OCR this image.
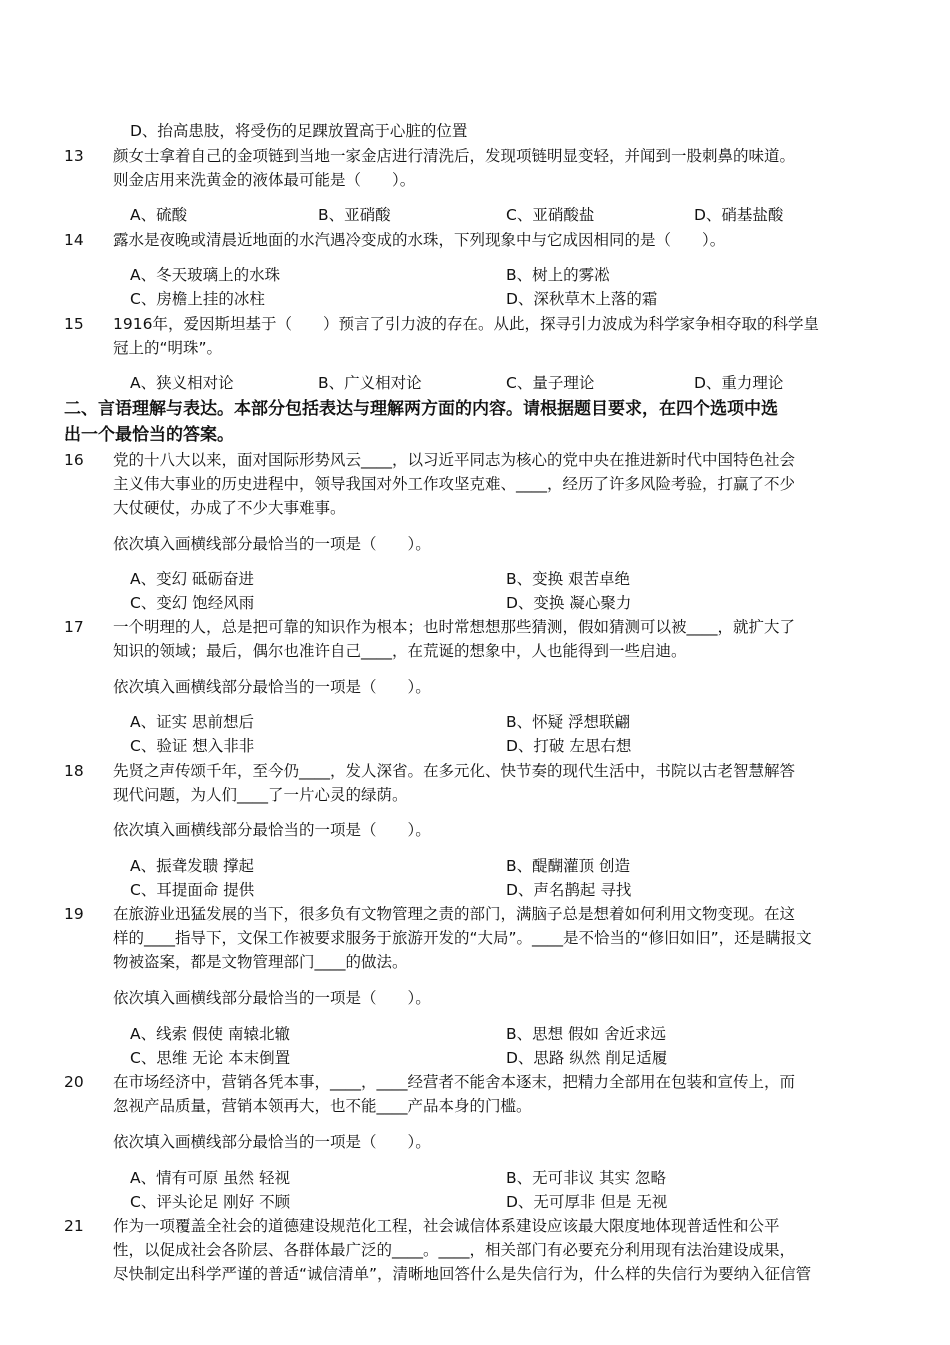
D、抬高患肢，将受伤的足踝放置高于心脏的位置
13	颜女士拿着自己的金项链到当地一家金店进行清洗后，发现项链明显变轻，并闻到一股刺鼻的味道。
则金店用来洗黄金的液体最可能是（　　）。
A、硫酸	B、亚硝酸	C、亚硝酸盐	D、硝基盐酸
14	露水是夜晚或清晨近地面的水汽遇冷变成的水珠，下列现象中与它成因相同的是（　　）。
A、冬天玻璃上的水珠	B、树上的雾凇
C、房檐上挂的冰柱	D、深秋草木上落的霜
15	1916年，爱因斯坦基于（　　）预言了引力波的存在。从此，探寻引力波成为科学家争相夺取的科学皇
冠上的“明珠”。
A、狭义相对论	B、广义相对论	C、量子理论	D、重力理论
二、言语理解与表达。本部分包括表达与理解两方面的内容。请根据题目要求，在四个选项中选
出一个最恰当的答案。
16	党的十八大以来，面对国际形势风云____，以习近平同志为核心的党中央在推进新时代中国特色社会
主义伟大事业的历史进程中，领导我国对外工作攻坚克难、____，经历了许多风险考验，打赢了不少
大仗硬仗，办成了不少大事难事。
依次填入画横线部分最恰当的一项是（　　）。
A、变幻 砥砺奋进	B、变换 艰苦卓绝
C、变幻 饱经风雨	D、变换 凝心聚力
17	一个明理的人，总是把可靠的知识作为根本；也时常想想那些猜测，假如猜测可以被____，就扩大了
知识的领域；最后，偶尔也准许自己____，在荒诞的想象中，人也能得到一些启迪。
依次填入画横线部分最恰当的一项是（　　）。
A、证实 思前想后	B、怀疑 浮想联翩
C、验证 想入非非	D、打破 左思右想
18	先贤之声传颂千年，至今仍____，发人深省。在多元化、快节奏的现代生活中，书院以古老智慧解答
现代问题，为人们____了一片心灵的绿荫。
依次填入画横线部分最恰当的一项是（　　）。
A、振聋发聩 撑起	B、醍醐灌顶 创造
C、耳提面命 提供	D、声名鹊起 寻找
19	在旅游业迅猛发展的当下，很多负有文物管理之责的部门，满脑子总是想着如何利用文物变现。在这
样的____指导下，文保工作被要求服务于旅游开发的“大局”。____是不恰当的“修旧如旧”，还是瞒报文
物被盗案，都是文物管理部门____的做法。
依次填入画横线部分最恰当的一项是（　　）。
A、线索 假使 南辕北辙	B、思想 假如 舍近求远
C、思维 无论 本末倒置	D、思路 纵然 削足适履
20	在市场经济中，营销各凭本事，____，____经营者不能舍本逐末，把精力全部用在包装和宣传上，而
忽视产品质量，营销本领再大，也不能____产品本身的门槛。
依次填入画横线部分最恰当的一项是（　　）。
A、情有可原 虽然 轻视	B、无可非议 其实 忽略
C、评头论足 刚好 不顾	D、无可厚非 但是 无视
21	作为一项覆盖全社会的道德建设规范化工程，社会诚信体系建设应该最大限度地体现普适性和公平
性，以促成社会各阶层、各群体最广泛的____。____，相关部门有必要充分利用现有法治建设成果，
尽快制定出科学严谨的普适“诚信清单”，清晰地回答什么是失信行为，什么样的失信行为要纳入征信管
